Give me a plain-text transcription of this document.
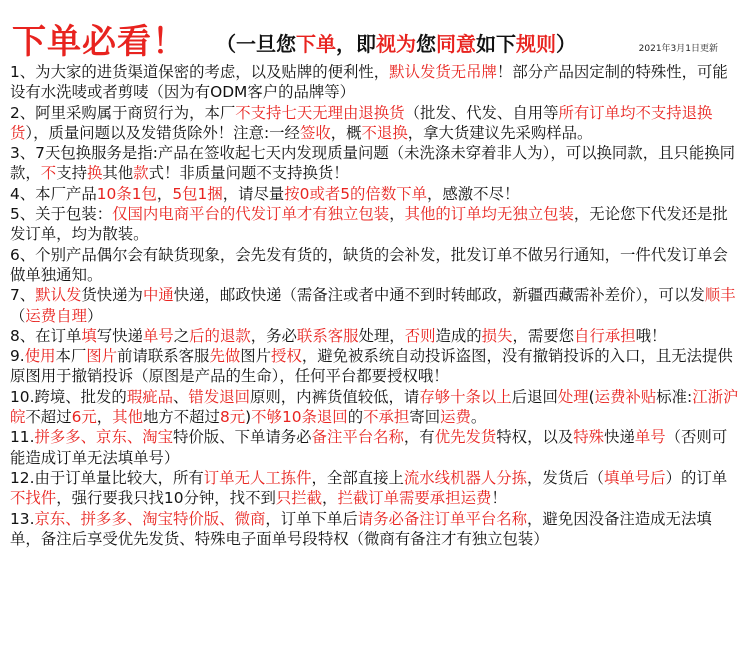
下单必看！ （一旦您下单，即视为您同意如下规则）	2021年3月1日更新

1、为大家的进货渠道保密的考虑，以及贴牌的便利性，默认发货无吊牌！部分产品因定制的特殊性，可能设有水洗唛或者剪唛（因为有ODM客户的品牌等）

2、阿里采购属于商贸行为，本厂不支持七天无理由退换货（批发、代发、自用等所有订单均不支持退换货），质量问题以及发错货除外！注意:一经签收，概不退换，拿大货建议先采购样品。

3、7天包换服务是指:产品在签收起七天内发现质量问题（未洗涤未穿着非人为），可以换同款，且只能换同款，不支持换其他款式！非质量问题不支持换货！

4、本厂产品10条1包，5包1捆，请尽量按0或者5的倍数下单，感激不尽！

5、关于包装：仅国内电商平台的代发订单才有独立包装，其他的订单均无独立包装，无论您下代发还是批发订单，均为散装。

6、个别产品偶尔会有缺货现象，会先发有货的，缺货的会补发，批发订单不做另行通知，一件代发订单会做单独通知。

7、默认发货快递为中通快递，邮政快递（需备注或者中通不到时转邮政，新疆西藏需补差价），可以发顺丰（运费自理）

8、在订单填写快递单号之后的退款，务必联系客服处理，否则造成的损失，需要您自行承担哦！

9.使用本厂图片前请联系客服先做图片授权，避免被系统自动投诉盗图，没有撤销投诉的入口，且无法提供原图用于撤销投诉（原图是产品的生命），任何平台都要授权哦！

10.跨境、批发的瑕疵品、错发退回原则，内裤货值较低，请存够十条以上后退回处理(运费补贴标准:江浙沪皖不超过6元，其他地方不超过8元)不够10条退回的不承担寄回运费。

11.拼多多、京东、淘宝特价版、下单请务必备注平台名称，有优先发货特权，以及特殊快递单号（否则可能造成订单无法填单号）

12.由于订单量比较大，所有订单无人工拣件，全部直接上流水线机器人分拣，发货后（填单号后）的订单不找件，强行要我只找10分钟，找不到只拦截，拦截订单需要承担运费！

13.京东、拼多多、淘宝特价版、微商，订单下单后请务必备注订单平台名称，避免因没备注造成无法填单，备注后享受优先发货、特殊电子面单号段特权（微商有备注才有独立包装）
